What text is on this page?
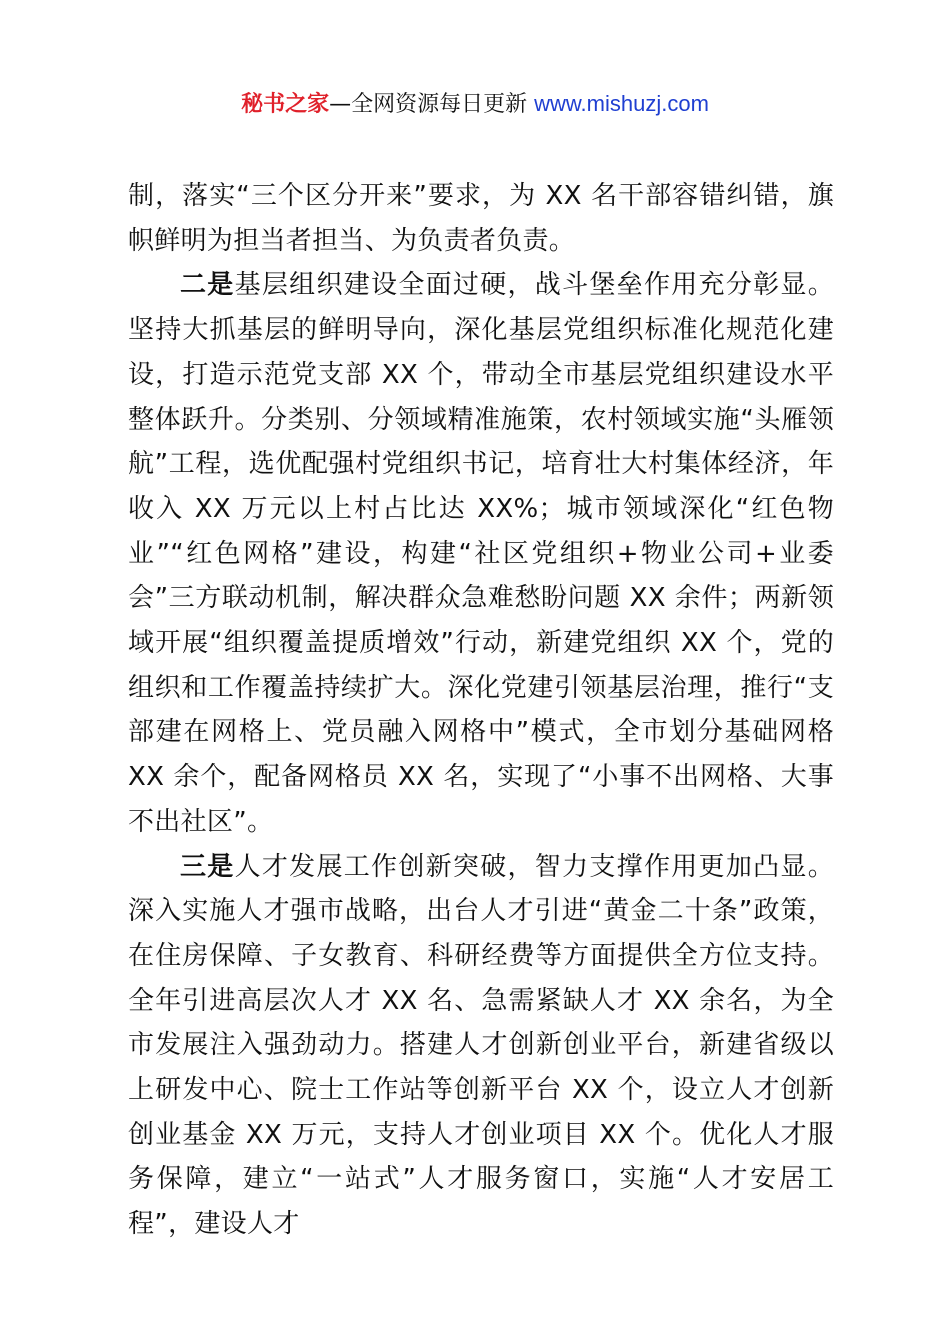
秘书之家—全网资源每日更新 www.mishuzj.com

制，落实“三个区分开来”要求，为 XX 名干部容错纠错，旗帜鲜明为担当者担当、为负责者负责。

二是基层组织建设全面过硬，战斗堡垒作用充分彰显。坚持大抓基层的鲜明导向，深化基层党组织标准化规范化建设，打造示范党支部 XX 个，带动全市基层党组织建设水平整体跃升。分类别、分领域精准施策，农村领域实施“头雁领航”工程，选优配强村党组织书记，培育壮大村集体经济，年收入 XX 万元以上村占比达 XX%；城市领域深化“红色物业”“红色网格”建设，构建“社区党组织+物业公司+业委会”三方联动机制，解决群众急难愁盼问题 XX 余件；两新领域开展“组织覆盖提质增效”行动，新建党组织 XX 个，党的组织和工作覆盖持续扩大。深化党建引领基层治理，推行“支部建在网格上、党员融入网格中”模式，全市划分基础网格 XX 余个，配备网格员 XX 名，实现了“小事不出网格、大事不出社区”。

三是人才发展工作创新突破，智力支撑作用更加凸显。深入实施人才强市战略，出台人才引进“黄金二十条”政策，在住房保障、子女教育、科研经费等方面提供全方位支持。全年引进高层次人才 XX 名、急需紧缺人才 XX 余名，为全市发展注入强劲动力。搭建人才创新创业平台，新建省级以上研发中心、院士工作站等创新平台 XX 个，设立人才创新创业基金 XX 万元，支持人才创业项目 XX 个。优化人才服务保障，建立“一站式”人才服务窗口，实施“人才安居工程”，建设人才
